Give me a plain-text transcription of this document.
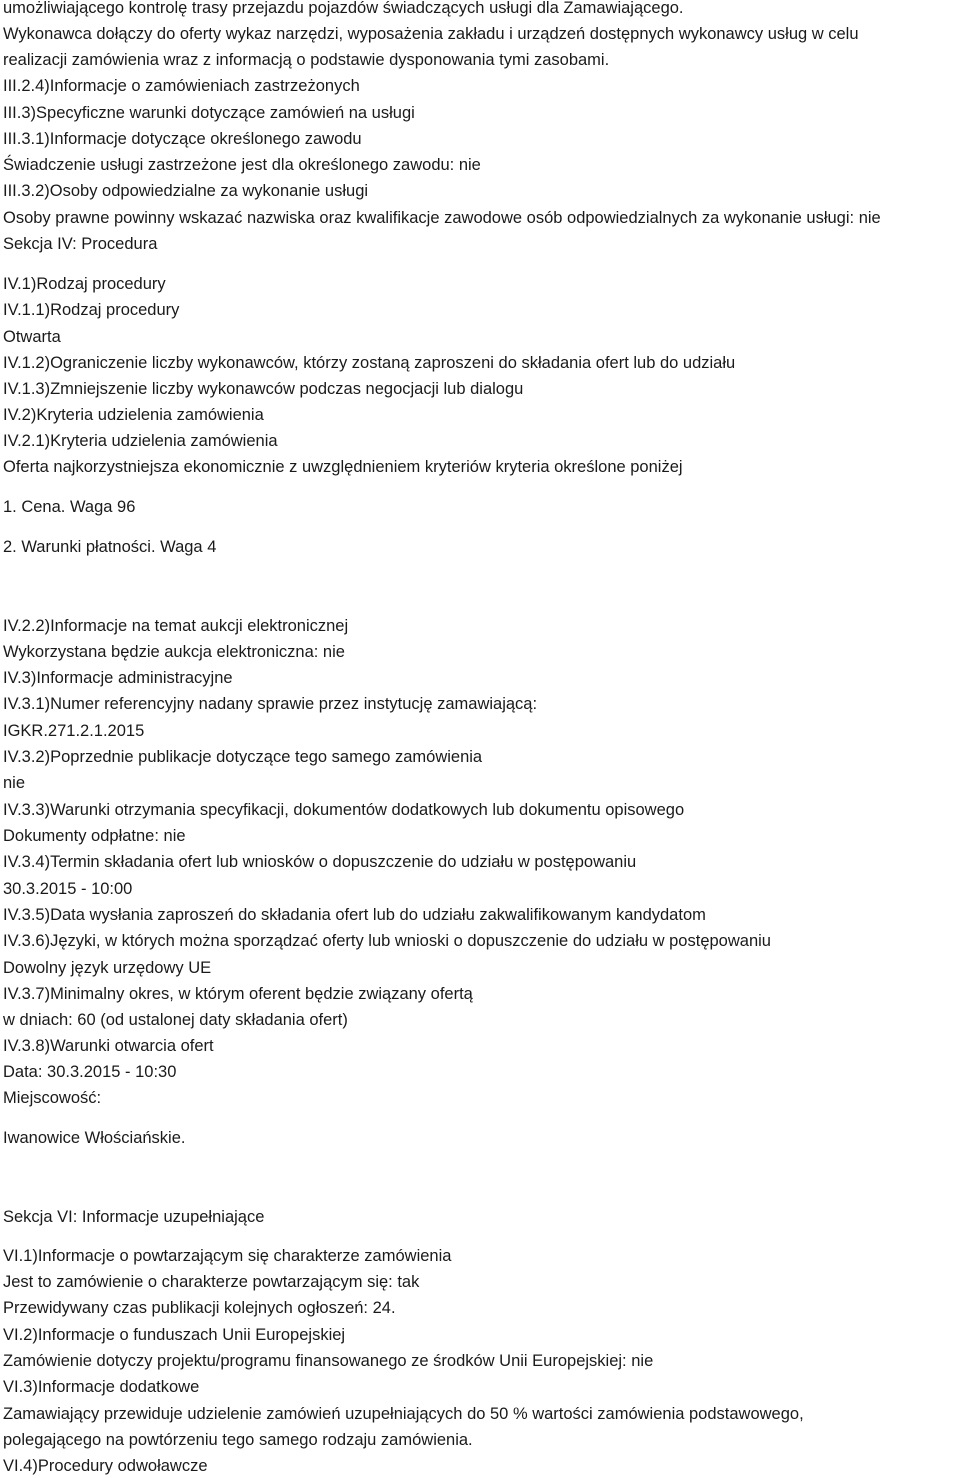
umożliwiającego kontrolę trasy przejazdu pojazdów świadczących usługi dla Zamawiającego.
Wykonawca dołączy do oferty wykaz narzędzi, wyposażenia zakładu i urządzeń dostępnych wykonawcy usług w celu
realizacji zamówienia wraz z informacją o podstawie dysponowania tymi zasobami.
III.2.4)Informacje o zamówieniach zastrzeżonych
III.3)Specyficzne warunki dotyczące zamówień na usługi
III.3.1)Informacje dotyczące określonego zawodu
Świadczenie usługi zastrzeżone jest dla określonego zawodu: nie
III.3.2)Osoby odpowiedzialne za wykonanie usługi
Osoby prawne powinny wskazać nazwiska oraz kwalifikacje zawodowe osób odpowiedzialnych za wykonanie usługi: nie
Sekcja IV: Procedura
IV.1)Rodzaj procedury
IV.1.1)Rodzaj procedury
Otwarta
IV.1.2)Ograniczenie liczby wykonawców, którzy zostaną zaproszeni do składania ofert lub do udziału
IV.1.3)Zmniejszenie liczby wykonawców podczas negocjacji lub dialogu
IV.2)Kryteria udzielenia zamówienia
IV.2.1)Kryteria udzielenia zamówienia
Oferta najkorzystniejsza ekonomicznie z uwzględnieniem kryteriów kryteria określone poniżej
1. Cena. Waga 96
2. Warunki płatności. Waga 4
IV.2.2)Informacje na temat aukcji elektronicznej
Wykorzystana będzie aukcja elektroniczna: nie
IV.3)Informacje administracyjne
IV.3.1)Numer referencyjny nadany sprawie przez instytucję zamawiającą:
IGKR.271.2.1.2015
IV.3.2)Poprzednie publikacje dotyczące tego samego zamówienia
nie
IV.3.3)Warunki otrzymania specyfikacji, dokumentów dodatkowych lub dokumentu opisowego
Dokumenty odpłatne: nie
IV.3.4)Termin składania ofert lub wniosków o dopuszczenie do udziału w postępowaniu
30.3.2015 - 10:00
IV.3.5)Data wysłania zaproszeń do składania ofert lub do udziału zakwalifikowanym kandydatom
IV.3.6)Języki, w których można sporządzać oferty lub wnioski o dopuszczenie do udziału w postępowaniu
Dowolny język urzędowy UE
IV.3.7)Minimalny okres, w którym oferent będzie związany ofertą
w dniach: 60 (od ustalonej daty składania ofert)
IV.3.8)Warunki otwarcia ofert
Data: 30.3.2015 - 10:30
Miejscowość:
Iwanowice Włościańskie.
Sekcja VI: Informacje uzupełniające
VI.1)Informacje o powtarzającym się charakterze zamówienia
Jest to zamówienie o charakterze powtarzającym się: tak
Przewidywany czas publikacji kolejnych ogłoszeń: 24.
VI.2)Informacje o funduszach Unii Europejskiej
Zamówienie dotyczy projektu/programu finansowanego ze środków Unii Europejskiej: nie
VI.3)Informacje dodatkowe
Zamawiający przewiduje udzielenie zamówień uzupełniających do 50 % wartości zamówienia podstawowego,
polegającego na powtórzeniu tego samego rodzaju zamówienia.
VI.4)Procedury odwoławcze
